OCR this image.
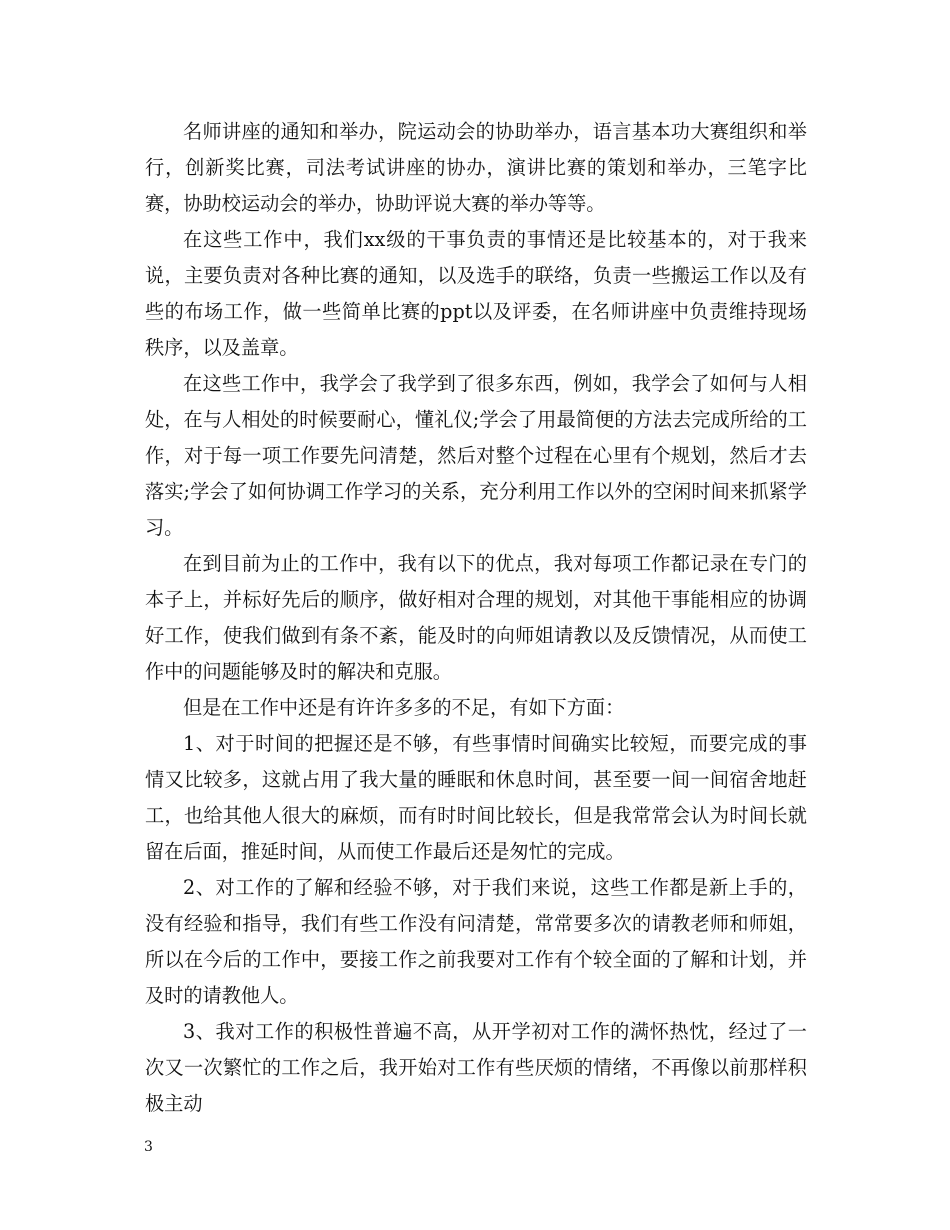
名师讲座的通知和举办，院运动会的协助举办，语言基本功大赛组织和举行，创新奖比赛，司法考试讲座的协办，演讲比赛的策划和举办，三笔字比赛，协助校运动会的举办，协助评说大赛的举办等等。

在这些工作中，我们xx级的干事负责的事情还是比较基本的，对于我来说，主要负责对各种比赛的通知，以及选手的联络，负责一些搬运工作以及有些的布场工作，做一些简单比赛的ppt以及评委，在名师讲座中负责维持现场秩序，以及盖章。

在这些工作中，我学会了我学到了很多东西，例如，我学会了如何与人相处，在与人相处的时候要耐心，懂礼仪;学会了用最简便的方法去完成所给的工作，对于每一项工作要先问清楚，然后对整个过程在心里有个规划，然后才去落实;学会了如何协调工作学习的关系，充分利用工作以外的空闲时间来抓紧学习。

在到目前为止的工作中，我有以下的优点，我对每项工作都记录在专门的本子上，并标好先后的顺序，做好相对合理的规划，对其他干事能相应的协调好工作，使我们做到有条不紊，能及时的向师姐请教以及反馈情况，从而使工作中的问题能够及时的解决和克服。

但是在工作中还是有许许多多的不足，有如下方面：

1、对于时间的把握还是不够，有些事情时间确实比较短，而要完成的事情又比较多，这就占用了我大量的睡眠和休息时间，甚至要一间一间宿舍地赶工，也给其他人很大的麻烦，而有时时间比较长，但是我常常会认为时间长就留在后面，推延时间，从而使工作最后还是匆忙的完成。

2、对工作的了解和经验不够，对于我们来说，这些工作都是新上手的，没有经验和指导，我们有些工作没有问清楚，常常要多次的请教老师和师姐，所以在今后的工作中，要接工作之前我要对工作有个较全面的了解和计划，并及时的请教他人。

3、我对工作的积极性普遍不高，从开学初对工作的满怀热忱，经过了一次又一次繁忙的工作之后，我开始对工作有些厌烦的情绪，不再像以前那样积极主动

3
